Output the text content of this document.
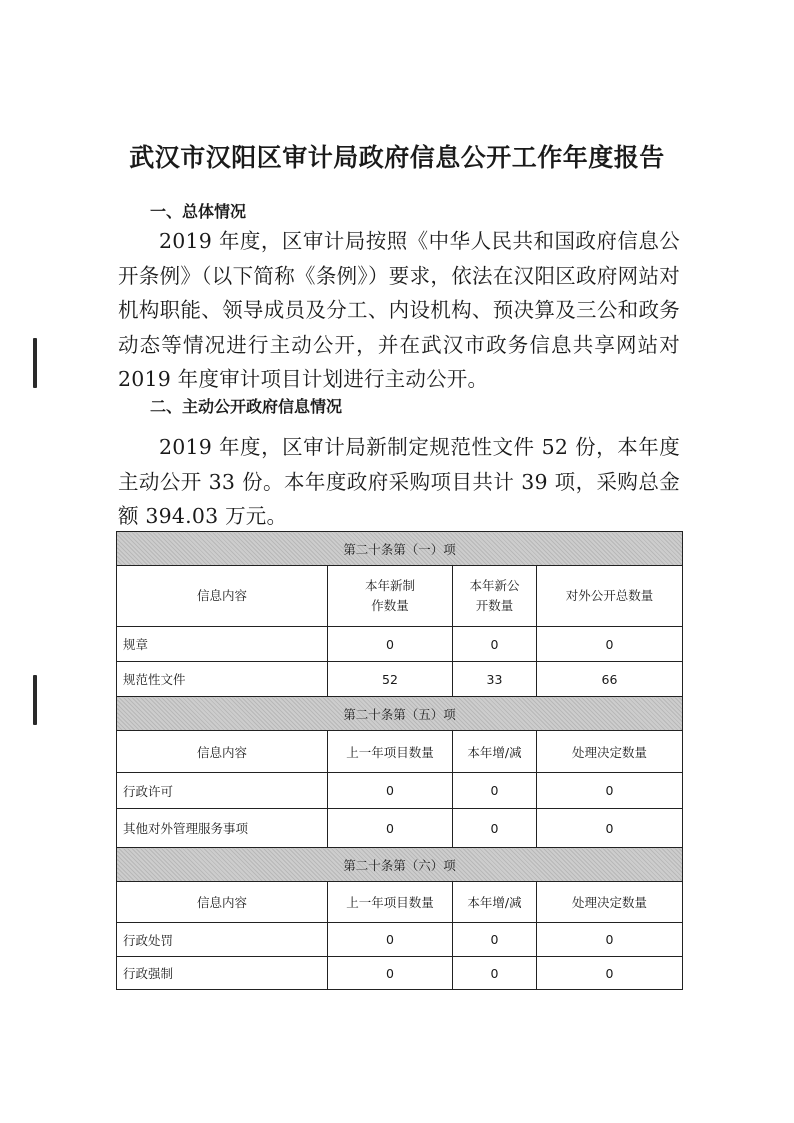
武汉市汉阳区审计局政府信息公开工作年度报告
一、总体情况

2019 年度，区审计局按照《中华人民共和国政府信息公开条例》（以下简称《条例》）要求，依法在汉阳区政府网站对机构职能、领导成员及分工、内设机构、预决算及三公和政务动态等情况进行主动公开，并在武汉市政务信息共享网站对 2019 年度审计项目计划进行主动公开。

二、主动公开政府信息情况

2019 年度，区审计局新制定规范性文件 52 份，本年度主动公开 33 份。本年度政府采购项目共计 39 项，采购总金额 394.03 万元。

第二十条第（一）项			
信息内容	本年新制作数量	本年新公开数量	对外公开总数量
规章	0	0	0
规范性文件	52	33	66
第二十条第（五）项			
信息内容	上一年项目数量	本年增/减	处理决定数量
行政许可	0	0	0
其他对外管理服务事项	0	0	0
第二十条第（六）项			
信息内容	上一年项目数量	本年增/减	处理决定数量
行政处罚	0	0	0
行政强制	0	0	0
